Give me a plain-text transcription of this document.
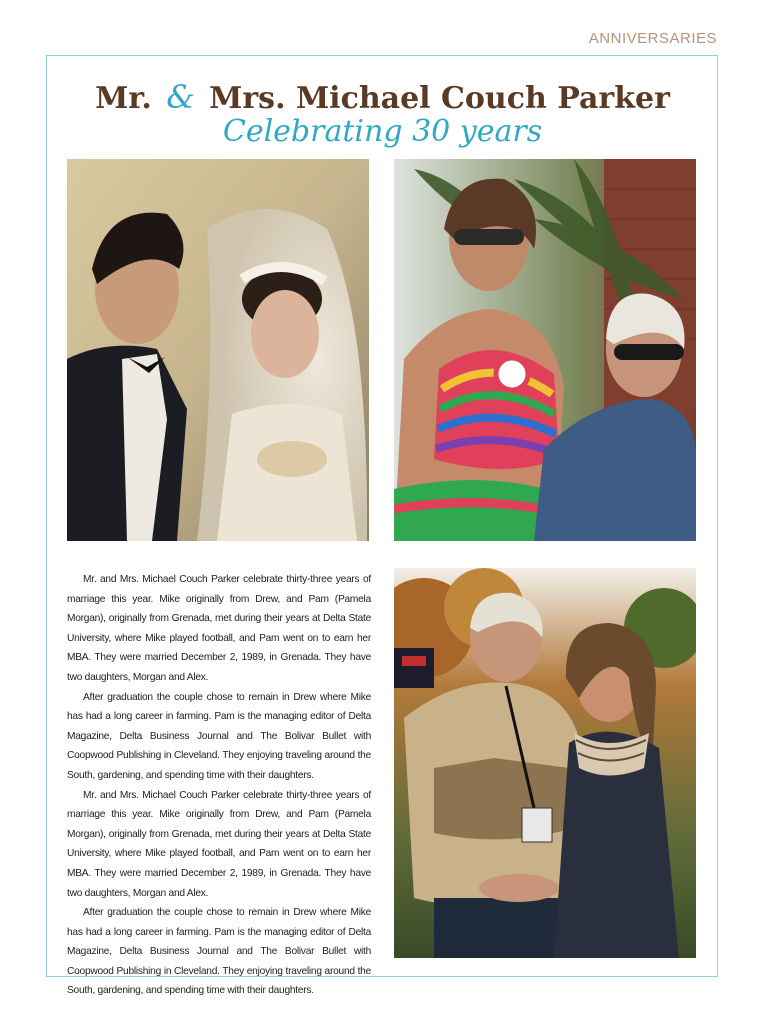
ANNIVERSARIES
Mr. & Mrs. Michael Couch Parker
Celebrating 30 years

Mr. and Mrs. Michael Couch Parker celebrate thirty-three years of marriage this year. Mike originally from Drew, and Pam (Pamela Morgan), originally from Grenada, met during their years at Delta State University, where Mike played football, and Pam went on to earn her MBA. They were married December 2, 1989, in Grenada. They have two daughters, Morgan and Alex.

After graduation the couple chose to remain in Drew where Mike has had a long career in farming. Pam is the managing editor of Delta Magazine, Delta Business Journal and The Bolivar Bullet with Coopwood Publishing in Cleveland. They enjoying traveling around the South, gardening, and spending time with their daughters.

Mr. and Mrs. Michael Couch Parker celebrate thirty-three years of marriage this year. Mike originally from Drew, and Pam (Pamela Morgan), originally from Grenada, met during their years at Delta State University, where Mike played football, and Pam went on to earn her MBA. They were married December 2, 1989, in Grenada. They have two daughters, Morgan and Alex.

After graduation the couple chose to remain in Drew where Mike has had a long career in farming. Pam is the managing editor of Delta Magazine, Delta Business Journal and The Bolivar Bullet with Coopwood Publishing in Cleveland. They enjoying traveling around the South, gardening, and spending time with their daughters.
